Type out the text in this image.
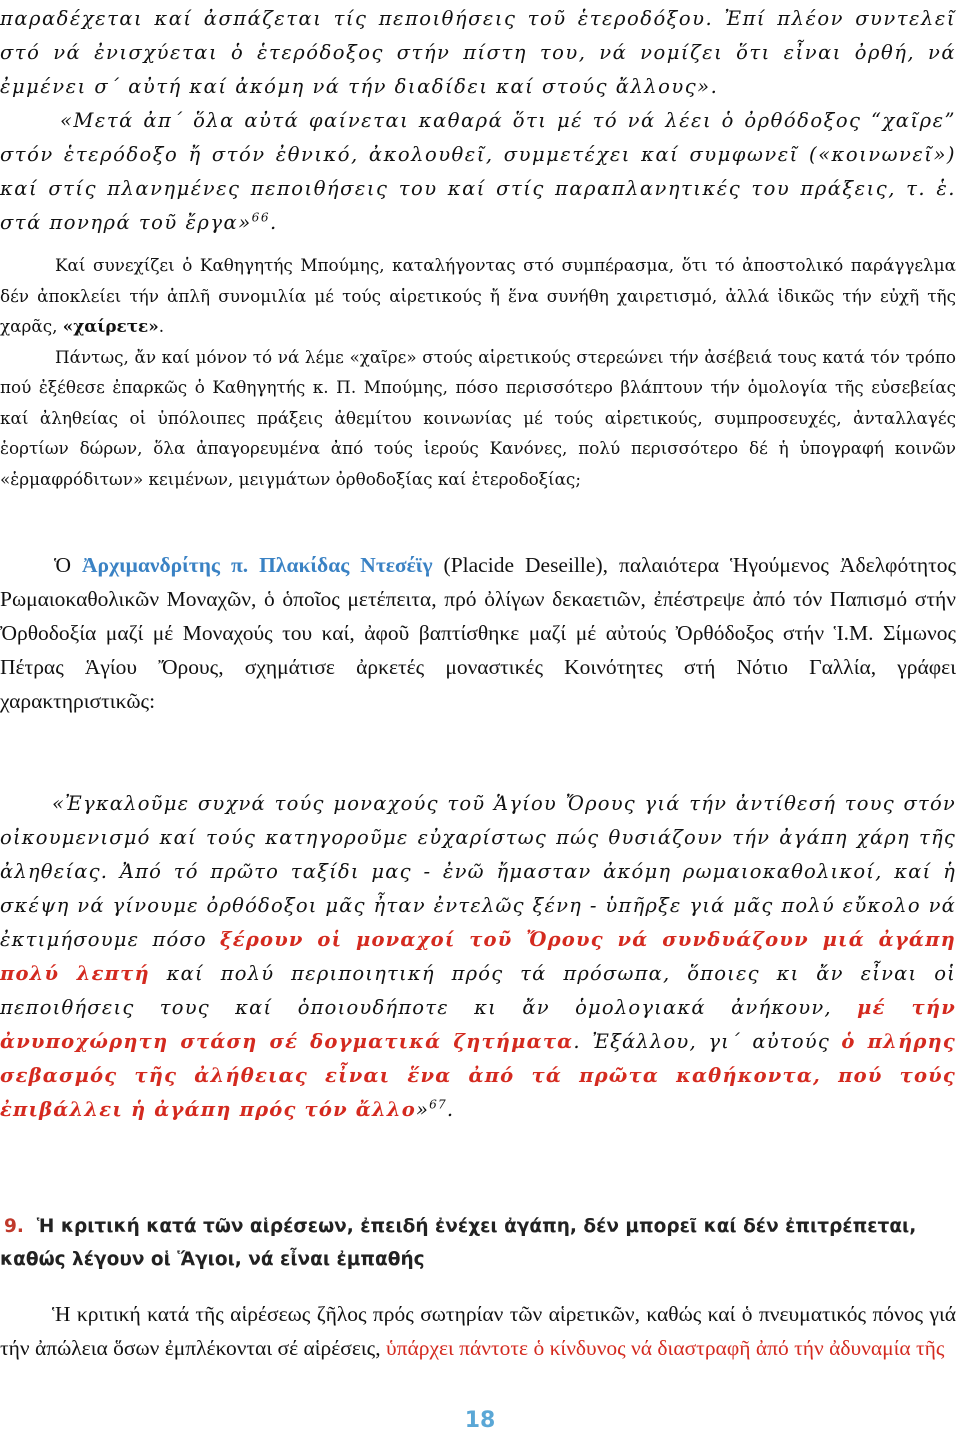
παραδέχεται καί ἀσπάζεται τίς πεποιθήσεις τοῦ ἑτεροδόξου. Ἐπί πλέον συντελεῖ στό νά ἐνισχύεται ὁ ἑτερόδοξος στήν πίστη του, νά νομίζει ὅτι εἶναι ὀρθή, νά ἐμμένει σ΄ αὐτή καί ἀκόμη νά τήν διαδίδει καί στούς ἄλλους».
«Μετά ἀπ΄ ὅλα αὐτά φαίνεται καθαρά ὅτι μέ τό νά λέει ὁ ὀρθόδοξος “χαῖρε” στόν ἑτερόδοξο ἤ στόν ἐθνικό, ἀκολουθεῖ, συμμετέχει καί συμφωνεῖ («κοινωνεῖ») καί στίς πλανημένες πεποιθήσεις του καί στίς παραπλανητικές του πράξεις, τ. ἑ. στά πονηρά τοῦ ἔργα»$^{66}$.

Καί συνεχίζει ὁ Καθηγητής Μπούμης, καταλήγοντας στό συμπέρασμα, ὅτι τό ἀποστολικό παράγγελμα δέν ἀποκλείει τήν ἁπλῆ συνομιλία μέ τούς αἱρετικούς ἤ ἕνα συνήθη χαιρετισμό, ἀλλά ἰδικῶς τήν εὐχῆ τῆς χαρᾶς, «χαίρετε».
Πάντως, ἄν καί μόνον τό νά λέμε «χαῖρε» στούς αἱρετικούς στερεώνει τήν ἀσέβειά τους κατά τόν τρόπο πού ἐξέθεσε ἐπαρκῶς ὁ Καθηγητής κ. Π. Μπούμης, πόσο περισσότερο βλάπτουν τήν ὁμολογία τῆς εὐσεβείας καί ἀληθείας οἱ ὑπόλοιπες πράξεις ἀθεμίτου κοινωνίας μέ τούς αἱρετικούς, συμπροσευχές, ἀνταλλαγές ἑορτίων δώρων, ὅλα ἀπαγορευμένα ἀπό τούς ἱερούς Κανόνες, πολύ περισσότερο δέ ἡ ὑπογραφή κοινῶν «ἑρμαφρόδιτων» κειμένων, μειγμάτων ὀρθοδοξίας καί ἑτεροδοξίας;

Ὁ Ἀρχιμανδρίτης π. Πλακίδας Ντεσέϊγ (Placide Deseille), παλαιότερα Ἡγούμενος Ἀδελφότητος Ρωμαιοκαθολικῶν Μοναχῶν, ὁ ὁποῖος μετέπειτα, πρό ὀλίγων δεκαετιῶν, ἐπέστρεψε ἀπό τόν Παπισμό στήν Ὀρθοδοξία μαζί μέ Μοναχούς του καί, ἀφοῦ βαπτίσθηκε μαζί μέ αὐτούς Ὀρθόδοξος στήν Ἱ.Μ. Σίμωνος Πέτρας Ἁγίου Ὄρους, σχημάτισε ἀρκετές μοναστικές Κοινότητες στή Νότιο Γαλλία, γράφει χαρακτηριστικῶς:

«Ἐγκαλοῦμε συχνά τούς μοναχούς τοῦ Ἁγίου Ὄρους γιά τήν ἀντίθεσή τους στόν οἰκουμενισμό καί τούς κατηγοροῦμε εὐχαρίστως πώς θυσιάζουν τήν ἀγάπη χάρη τῆς ἀληθείας. Ἀπό τό πρῶτο ταξίδι μας - ἐνῶ ἤμασταν ἀκόμη ρωμαιοκαθολικοί, καί ἡ σκέψη νά γίνουμε ὀρθόδοξοι μᾶς ἦταν ἐντελῶς ξένη - ὑπῆρξε γιά μᾶς πολύ εὔκολο νά ἐκτιμήσουμε πόσο ξέρουν οἱ μοναχοί τοῦ Ὄρους νά συνδυάζουν μιά ἀγάπη πολύ λεπτή καί πολύ περιποιητική πρός τά πρόσωπα, ὅποιες κι ἄν εἶναι οἱ πεποιθήσεις τους καί ὁποιουδήποτε κι ἄν ὁμολογιακά ἀνήκουν, μέ τήν ἀνυποχώρητη στάση σέ δογματικά ζητήματα. Ἐξάλλου, γι΄ αὐτούς ὁ πλήρης σεβασμός τῆς ἀλήθειας εἶναι ἕνα ἀπό τά πρῶτα καθήκοντα, πού τούς ἐπιβάλλει ἡ ἀγάπη πρός τόν ἄλλο»$^{67}$.

9. Ἡ κριτική κατά τῶν αἱρέσεων, ἐπειδή ἐνέχει ἀγάπη, δέν μπορεῖ καί δέν ἐπιτρέπεται, καθώς λέγουν οἱ Ἅγιοι, νά εἶναι ἐμπαθής

Ἡ κριτική κατά τῆς αἱρέσεως ζῆλος πρός σωτηρίαν τῶν αἱρετικῶν, καθώς καί ὁ πνευματικός πόνος γιά τήν ἀπώλεια ὅσων ἐμπλέκονται σέ αἱρέσεις, ὑπάρχει πάντοτε ὁ κίνδυνος νά διαστραφῆ ἀπό τήν ἀδυναμία τῆς

18
